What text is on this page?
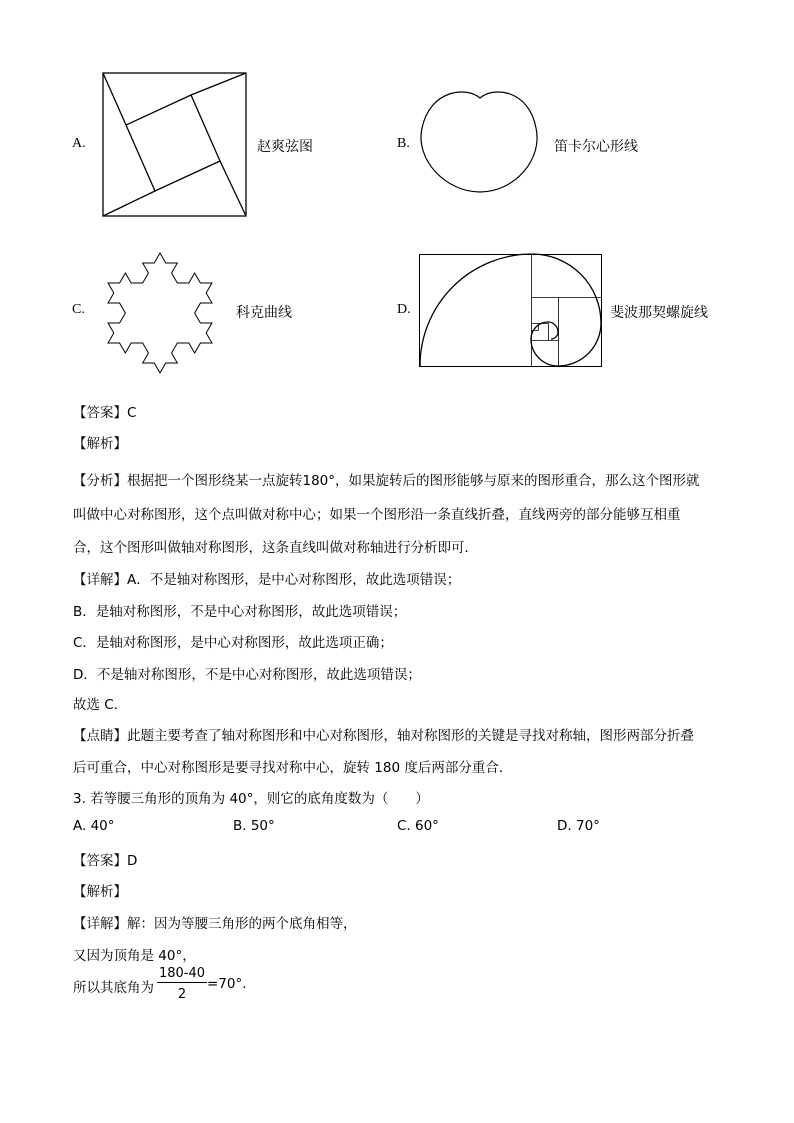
A.	赵爽弦图	B.	笛卡尔心形线
C.	科克曲线	D.	斐波那契螺旋线
【答案】C
【解析】
【分析】根据把一个图形绕某一点旋转180°，如果旋转后的图形能够与原来的图形重合，那么这个图形就
叫做中心对称图形，这个点叫做对称中心；如果一个图形沿一条直线折叠，直线两旁的部分能够互相重
合，这个图形叫做轴对称图形，这条直线叫做对称轴进行分析即可．
【详解】A．不是轴对称图形，是中心对称图形，故此选项错误；
B．是轴对称图形，不是中心对称图形，故此选项错误；
C．是轴对称图形，是中心对称图形，故此选项正确；
D．不是轴对称图形，不是中心对称图形，故此选项错误；
故选 C．
【点睛】此题主要考查了轴对称图形和中心对称图形，轴对称图形的关键是寻找对称轴，图形两部分折叠
后可重合，中心对称图形是要寻找对称中心，旋转 180 度后两部分重合．
3. 若等腰三角形的顶角为 40°，则它的底角度数为（　　）
A. 40°	B. 50°	C. 60°	D. 70°
【答案】D
【解析】
【详解】解：因为等腰三角形的两个底角相等，
又因为顶角是 40°，
所以其底角为
180-40
2
=70°.
